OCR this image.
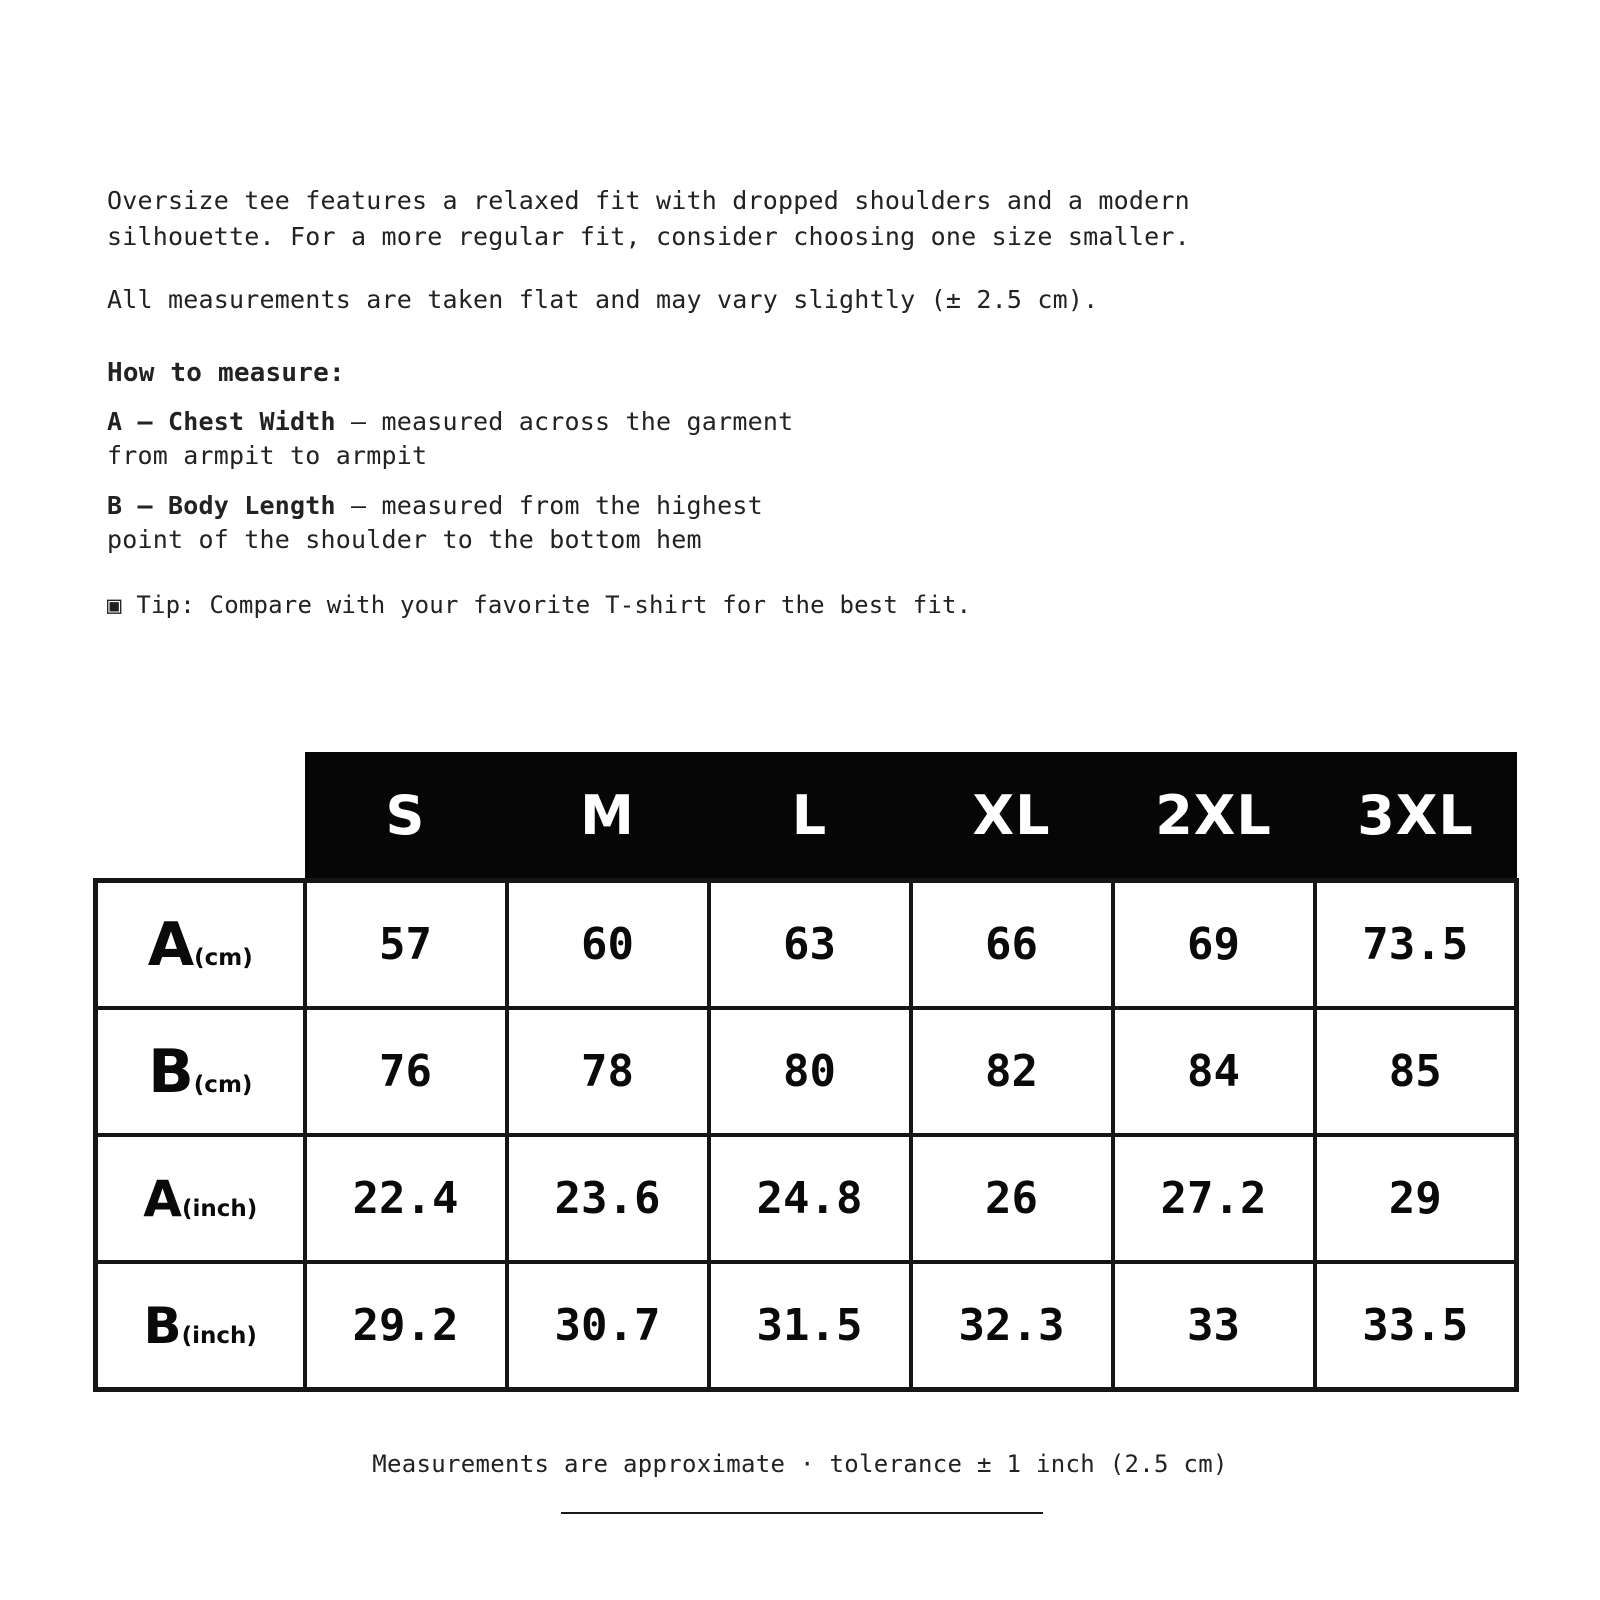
Oversize tee features a relaxed fit with dropped shoulders and a modern silhouette. For a more regular fit, consider choosing one size smaller.

All measurements are taken flat and may vary slightly (± 2.5 cm).

How to measure:
A — Chest Width — measured across the garment from armpit to armpit
B — Body Length — measured from the highest point of the shoulder to the bottom hem
▣ Tip: Compare with your favorite T-shirt for the best fit.
	S	M	L	XL	2XL	3XL
A(cm)	57	60	63	66	69	73.5
B(cm)	76	78	80	82	84	85
A(inch)	22.4	23.6	24.8	26	27.2	29
B(inch)	29.2	30.7	31.5	32.3	33	33.5
Measurements are approximate · tolerance ± 1 inch (2.5 cm)
